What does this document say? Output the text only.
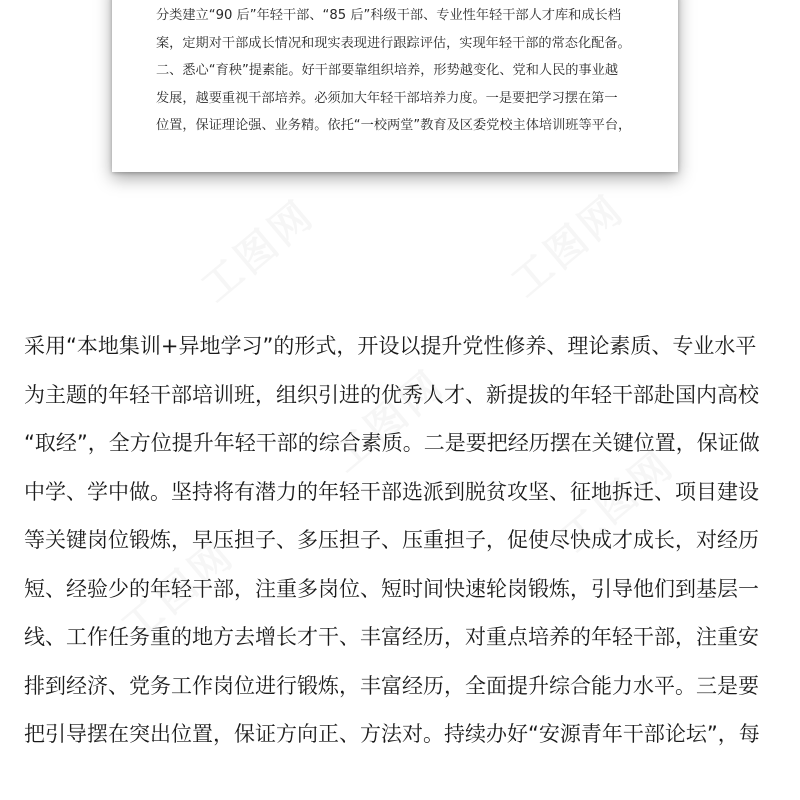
工图网	工图网
工图网
工图网
工图网
分类建立“90 后”年轻干部、“85 后”科级干部、专业性年轻干部人才库和成长档
案，定期对干部成长情况和现实表现进行跟踪评估，实现年轻干部的常态化配备。
二、悉心“育秧”提素能。好干部要靠组织培养，形势越变化、党和人民的事业越
发展，越要重视干部培养。必须加大年轻干部培养力度。一是要把学习摆在第一
位置，保证理论强、业务精。依托“一校两堂”教育及区委党校主体培训班等平台，
采用“本地集训+异地学习”的形式，开设以提升党性修养、理论素质、专业水平
为主题的年轻干部培训班，组织引进的优秀人才、新提拔的年轻干部赴国内高校
“取经”，全方位提升年轻干部的综合素质。二是要把经历摆在关键位置，保证做
中学、学中做。坚持将有潜力的年轻干部选派到脱贫攻坚、征地拆迁、项目建设
等关键岗位锻炼，早压担子、多压担子、压重担子，促使尽快成才成长，对经历
短、经验少的年轻干部，注重多岗位、短时间快速轮岗锻炼，引导他们到基层一
线、工作任务重的地方去增长才干、丰富经历，对重点培养的年轻干部，注重安
排到经济、党务工作岗位进行锻炼，丰富经历，全面提升综合能力水平。三是要
把引导摆在突出位置，保证方向正、方法对。持续办好“安源青年干部论坛”，每
